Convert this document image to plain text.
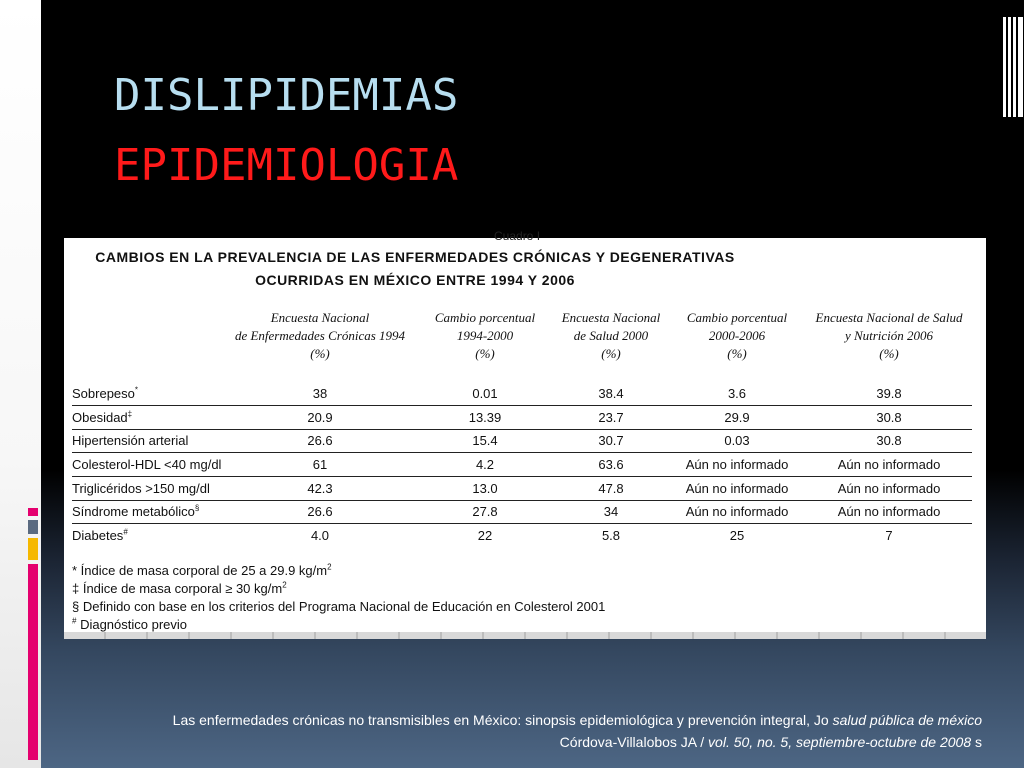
DISLIPIDEMIAS
EPIDEMIOLOGIA
Cuadro I
CAMBIOS EN LA PREVALENCIA DE LAS ENFERMEDADES CRÓNICAS Y DEGENERATIVAS
OCURRIDAS EN MÉXICO ENTRE 1994 Y 2006
Encuesta Nacional
de Enfermedades Crónicas 1994
(%)
Cambio porcentual
1994-2000
(%)
Encuesta Nacional
de Salud 2000
(%)
Cambio porcentual
2000-2006
(%)
Encuesta Nacional de Salud
y Nutrición 2006
(%)
Sobrepeso*	38	0.01	38.4	3.6	39.8
Obesidad‡	20.9	13.39	23.7	29.9	30.8
Hipertensión arterial	26.6	15.4	30.7	0.03	30.8
Colesterol-HDL <40 mg/dl	61	4.2	63.6	Aún no informado	Aún no informado
Triglicéridos >150 mg/dl	42.3	13.0	47.8	Aún no informado	Aún no informado
Síndrome metabólico§	26.6	27.8	34	Aún no informado	Aún no informado
Diabetes#	4.0	22	5.8	25	7
* Índice de masa corporal de 25 a 29.9 $kg/m^2$
‡ Índice de masa corporal ≥ 30 $kg/m^2$
§ Definido con base en los criterios del Programa Nacional de Educación en Colesterol 2001
# Diagnóstico previo
Las enfermedades crónicas no transmisibles en México: sinopsis epidemiológica y prevención integral, Jo salud pública de méxico
Córdova-Villalobos JA / vol. 50, no. 5, septiembre-octubre de 2008 s
